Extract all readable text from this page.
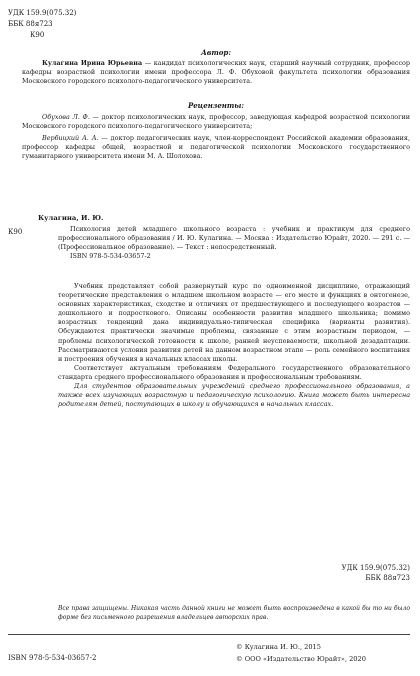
УДК 159.9(075.32)
ББК 88я723
К90

Автор:

Кулагина Ирина Юрьевна — кандидат психологических наук, старший научный сотрудник, профессор кафедры возрастной психологии имени профессора Л. Ф. Обуховой факультета психологии образования Московского городского психолого-педагогического университета.

Рецензенты:

Обухова Л. Ф. — доктор психологических наук, профессор, заведующая кафедрой возрастной психологии Московского городского психолого-педагогического университета;
Вербицкий А. А. — доктор педагогических наук, член-корреспондент Российской академии образования, профессор кафедры общей, возрастной и педагогической психологии Московского государственного гуманитарного университета имени М. А. Шолохова.
К90
Кулагина, И. Ю.
Психология детей младшего школьного возраста : учебник и практикум для среднего профессионального образования / И. Ю. Кулагина. — Москва : Издательство Юрайт, 2020. — 291 с. — (Профессиональное образование). — Текст : непосредственный.
ISBN 978-5-534-03657-2

Учебник представляет собой развернутый курс по одноименной дисциплине, отражающий теоретические представления о младшем школьном возрасте — его месте и функциях в онтогенезе, основных характеристиках, сходстве и отличиях от предшествующего и последующего возрастов — дошкольного и подросткового. Описаны особенности развития младшего школьника; помимо возрастных тенденций дана индивидуально-типическая специфика (варианты развития). Обсуждаются практически значимые проблемы, связанные с этим возрастным периодом, — проблемы психологической готовности к школе, ранней неуспеваемости, школьной дезадаптации. Рассматриваются условия развития детей на данном возрастном этапе — роль семейного воспитания и построения обучения в начальных классах школы.

Соответствует актуальным требованиям Федерального государственного образовательного стандарта среднего профессионального образования и профессиональным требованиям.

Для студентов образовательных учреждений среднего профессионального образования, а также всех изучающих возрастную и педагогическую психологию. Книга может быть интересна родителям детей, поступающих в школу и обучающихся в начальных классах.

УДК 159.9(075.32)
ББК 88я723
Все права защищены. Никакая часть данной книги не может быть воспроизведена в какой бы то ни было форме без письменного разрешения владельцев авторских прав.
ISBN 978-5-534-03657-2
© Кулагина И. Ю., 2015
© ООО «Издательство Юрайт», 2020
